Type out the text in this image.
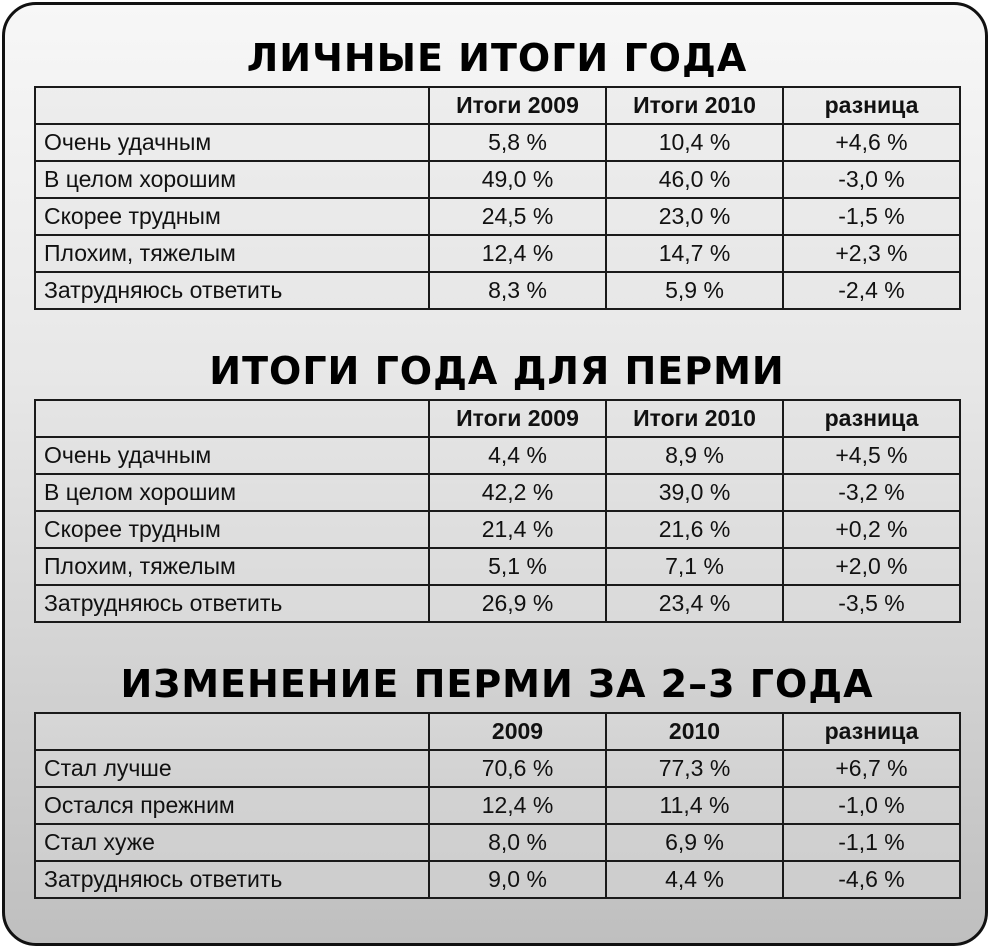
ЛИЧНЫЕ ИТОГИ ГОДА
	Итоги 2009	Итоги 2010	разница
Очень удачным	5,8 %	10,4 %	+4,6 %
В целом хорошим	49,0 %	46,0 %	-3,0 %
Скорее трудным	24,5 %	23,0 %	-1,5 %
Плохим, тяжелым	12,4 %	14,7 %	+2,3 %
Затрудняюсь ответить	8,3 %	5,9 %	-2,4 %
ИТОГИ ГОДА ДЛЯ ПЕРМИ
	Итоги 2009	Итоги 2010	разница
Очень удачным	4,4 %	8,9 %	+4,5 %
В целом хорошим	42,2 %	39,0 %	-3,2 %
Скорее трудным	21,4 %	21,6 %	+0,2 %
Плохим, тяжелым	5,1 %	7,1 %	+2,0 %
Затрудняюсь ответить	26,9 %	23,4 %	-3,5 %
ИЗМЕНЕНИЕ ПЕРМИ ЗА 2–3 ГОДА
	2009	2010	разница
Стал лучше	70,6 %	77,3 %	+6,7 %
Остался прежним	12,4 %	11,4 %	-1,0 %
Стал хуже	8,0 %	6,9 %	-1,1 %
Затрудняюсь ответить	9,0 %	4,4 %	-4,6 %
